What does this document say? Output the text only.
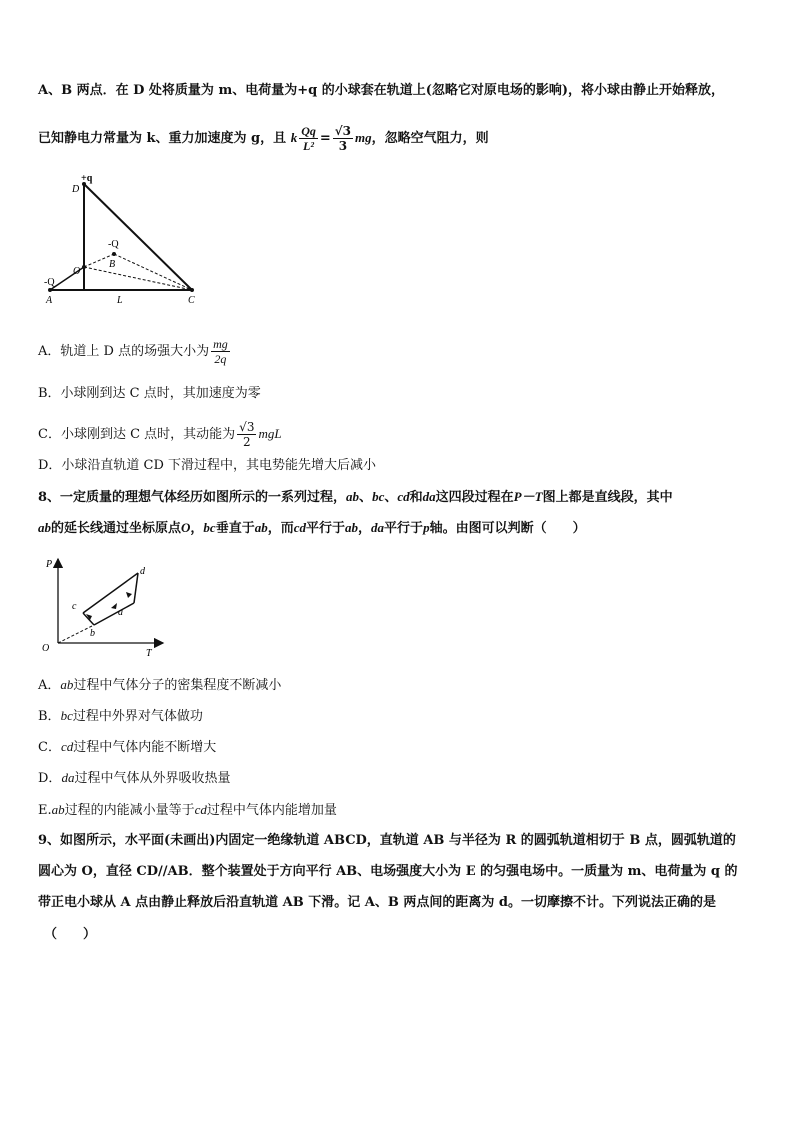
A、B 两点．在 D 处将质量为 m、电荷量为+q 的小球套在轨道上(忽略它对原电场的影响)，将小球由静止开始释放，
已知静电力常量为 k、重力加速度为 g，且 k $\frac{Qq}{\text{L²}} = \frac{√3}{3}$ mg，忽略空气阻力，则
+q
D
-Q
B
O
-Q
A	L	C
A．轨道上 D 点的场强大小为 $\frac{mg}{2q}$
B．小球刚到达 C 点时，其加速度为零
C．小球刚到达 C 点时，其动能为 $\frac{√3}{2}$ mgL
D．小球沿直轨道 CD 下滑过程中，其电势能先增大后减小
8、一定质量的理想气体经历如图所示的一系列过程，ab、bc、cd和da这四段过程在P－T图上都是直线段，其中
ab的延长线通过坐标原点O，bc垂直于ab，而cd平行于ab，da平行于p轴。由图可以判断（　　）
P
d
c
a
b
O	T
A．ab过程中气体分子的密集程度不断减小
B．bc过程中外界对气体做功
C．cd过程中气体内能不断增大
D．da过程中气体从外界吸收热量
E.ab过程的内能减小量等于cd过程中气体内能增加量
9、如图所示，水平面(未画出)内固定一绝缘轨道 ABCD，直轨道 AB 与半径为 R 的圆弧轨道相切于 B 点，圆弧轨道的
圆心为 O，直径 CD//AB．整个装置处于方向平行 AB、电场强度大小为 E 的匀强电场中。一质量为 m、电荷量为 q 的
带正电小球从 A 点由静止释放后沿直轨道 AB 下滑。记 A、B 两点间的距离为 d。一切摩擦不计。下列说法正确的是
（　　）
